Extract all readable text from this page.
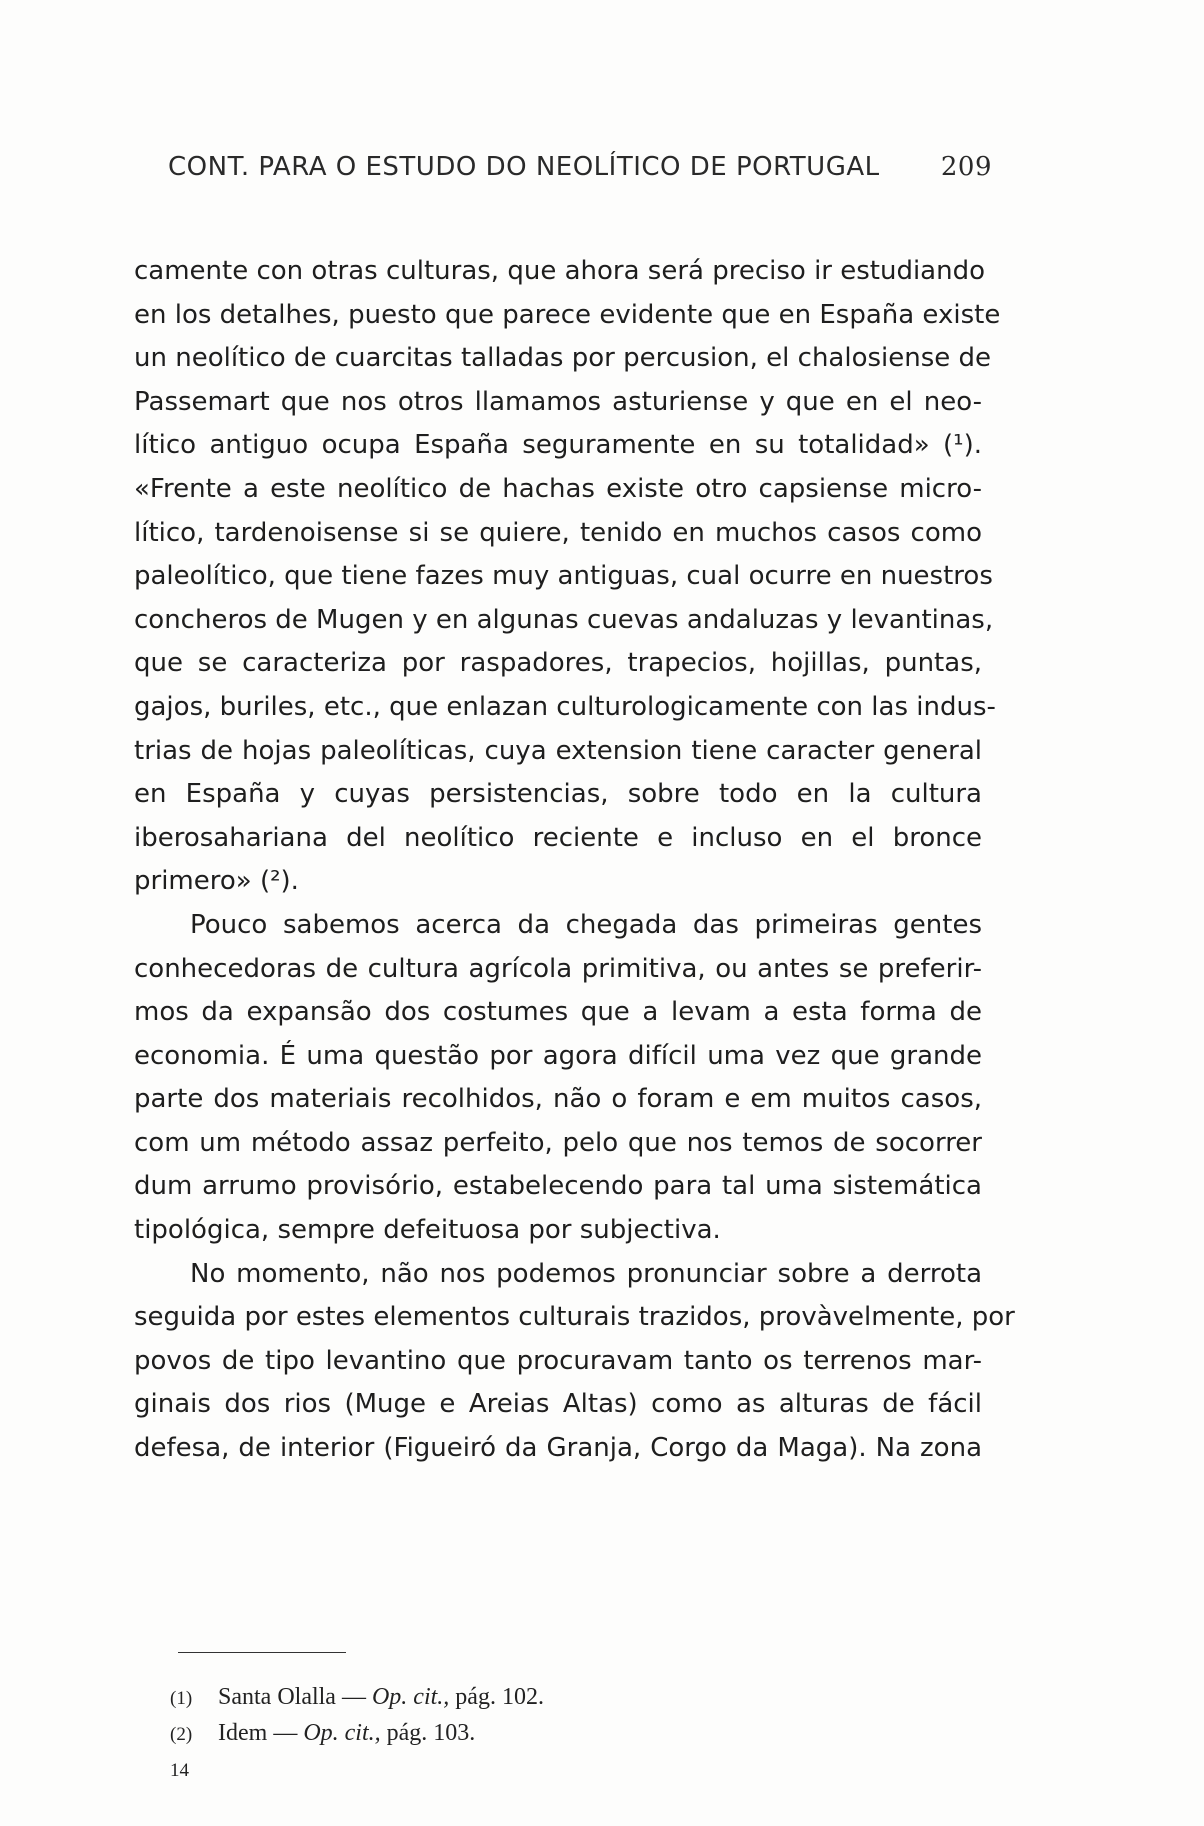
CONT. PARA O ESTUDO DO NEOLÍTICO DE PORTUGAL 209
camente con otras culturas, que ahora será preciso ir estudiando
en los detalhes, puesto que parece evidente que en España existe
un neolítico de cuarcitas talladas por percusion, el chalosiense de
Passemart que nos otros llamamos asturiense y que en el neo-
lítico antiguo ocupa España seguramente en su totalidad» (¹).
«Frente a este neolítico de hachas existe otro capsiense micro-
lítico, tardenoisense si se quiere, tenido en muchos casos como
paleolítico, que tiene fazes muy antiguas, cual ocurre en nuestros
concheros de Mugen y en algunas cuevas andaluzas y levantinas,
que se caracteriza por raspadores, trapecios, hojillas, puntas,
gajos, buriles, etc., que enlazan culturologicamente con las indus-
trias de hojas paleolíticas, cuya extension tiene caracter general
en España y cuyas persistencias, sobre todo en la cultura
iberosahariana del neolítico reciente e incluso en el bronce
primero» (²).
Pouco sabemos acerca da chegada das primeiras gentes
conhecedoras de cultura agrícola primitiva, ou antes se preferir-
mos da expansão dos costumes que a levam a esta forma de
economia. É uma questão por agora difícil uma vez que grande
parte dos materiais recolhidos, não o foram e em muitos casos,
com um método assaz perfeito, pelo que nos temos de socorrer
dum arrumo provisório, estabelecendo para tal uma sistemática
tipológica, sempre defeituosa por subjectiva.
No momento, não nos podemos pronunciar sobre a derrota
seguida por estes elementos culturais trazidos, provàvelmente, por
povos de tipo levantino que procuravam tanto os terrenos mar-
ginais dos rios (Muge e Areias Altas) como as alturas de fácil
defesa, de interior (Figueiró da Granja, Corgo da Maga). Na zona
(1) Santa Olalla — Op. cit., pág. 102.
(2) Idem — Op. cit., pág. 103.
14
